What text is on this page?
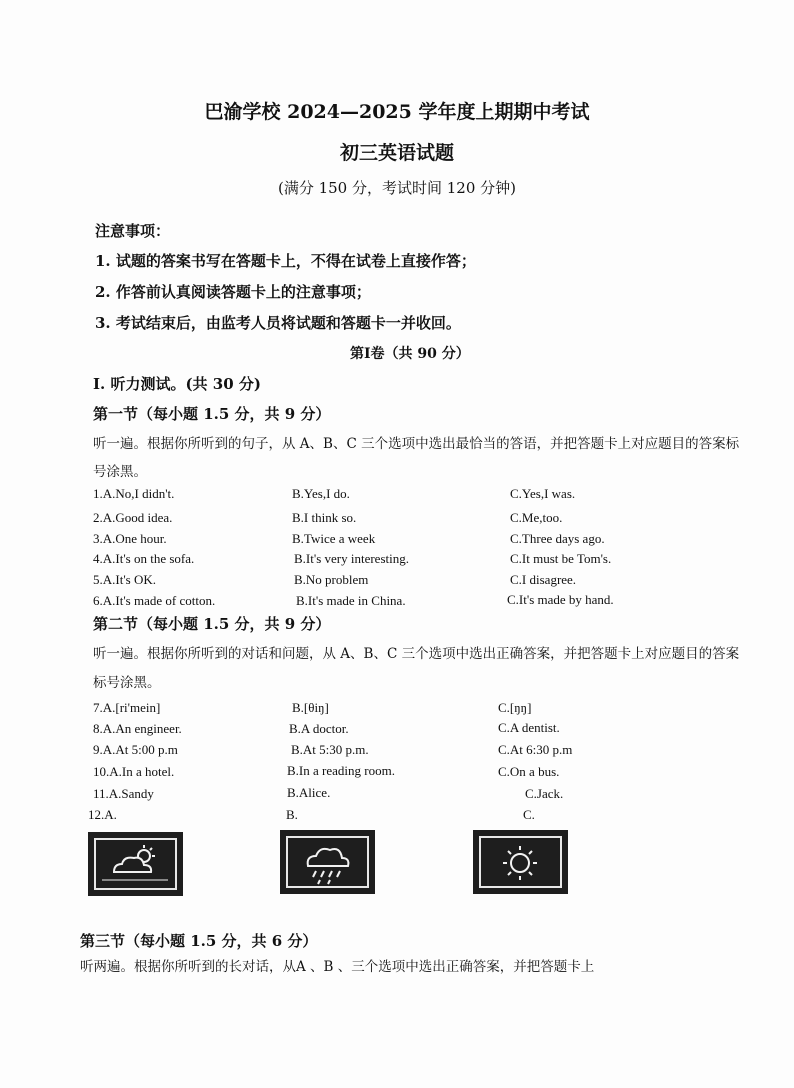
巴渝学校 2024—2025 学年度上期期中考试
初三英语试题
(满分 150 分，考试时间 120 分钟)
注意事项：
1. 试题的答案书写在答题卡上，不得在试卷上直接作答；
2. 作答前认真阅读答题卡上的注意事项；
3. 考试结束后，由监考人员将试题和答题卡一并收回。
第Ⅰ卷（共 90 分）
Ⅰ. 听力测试。(共 30 分)
第一节（每小题 1.5 分，共 9 分）
听一遍。根据你所听到的句子，从 A、B、C 三个选项中选出最恰当的答语，并把答题卡上对应题目的答案标
号涂黑。
1.A.No,I didn't.	B.Yes,I do.	C.Yes,I was.
2.A.Good idea.	B.I think so.	C.Me,too.
3.A.One hour.	B.Twice a week	C.Three days ago.
4.A.It's on the sofa.	B.It's very interesting.	C.It must be Tom's.
5.A.It's OK.	B.No problem	C.I disagree.
6.A.It's made of cotton.	B.It's made in China.	C.It's made by hand.
第二节（每小题 1.5 分，共 9 分）
听一遍。根据你所听到的对话和问题，从 A、B、C 三个选项中选出正确答案，并把答题卡上对应题目的答案
标号涂黑。
7.A.[ri'mein]	B.[θiŋ]	C.[ŋŋ]
8.A.An engineer.	B.A doctor.	C.A dentist.
9.A.At 5:00 p.m	B.At 5:30 p.m.	C.At 6:30 p.m
10.A.In a hotel.	B.In a reading room.	C.On a bus.
11.A.Sandy	B.Alice.	C.Jack.
12.A.	B.	C.
第三节（每小题 1.5 分，共 6 分）
听两遍。根据你所听到的长对话，从A 、B 、三个选项中选出正确答案，并把答题卡上
